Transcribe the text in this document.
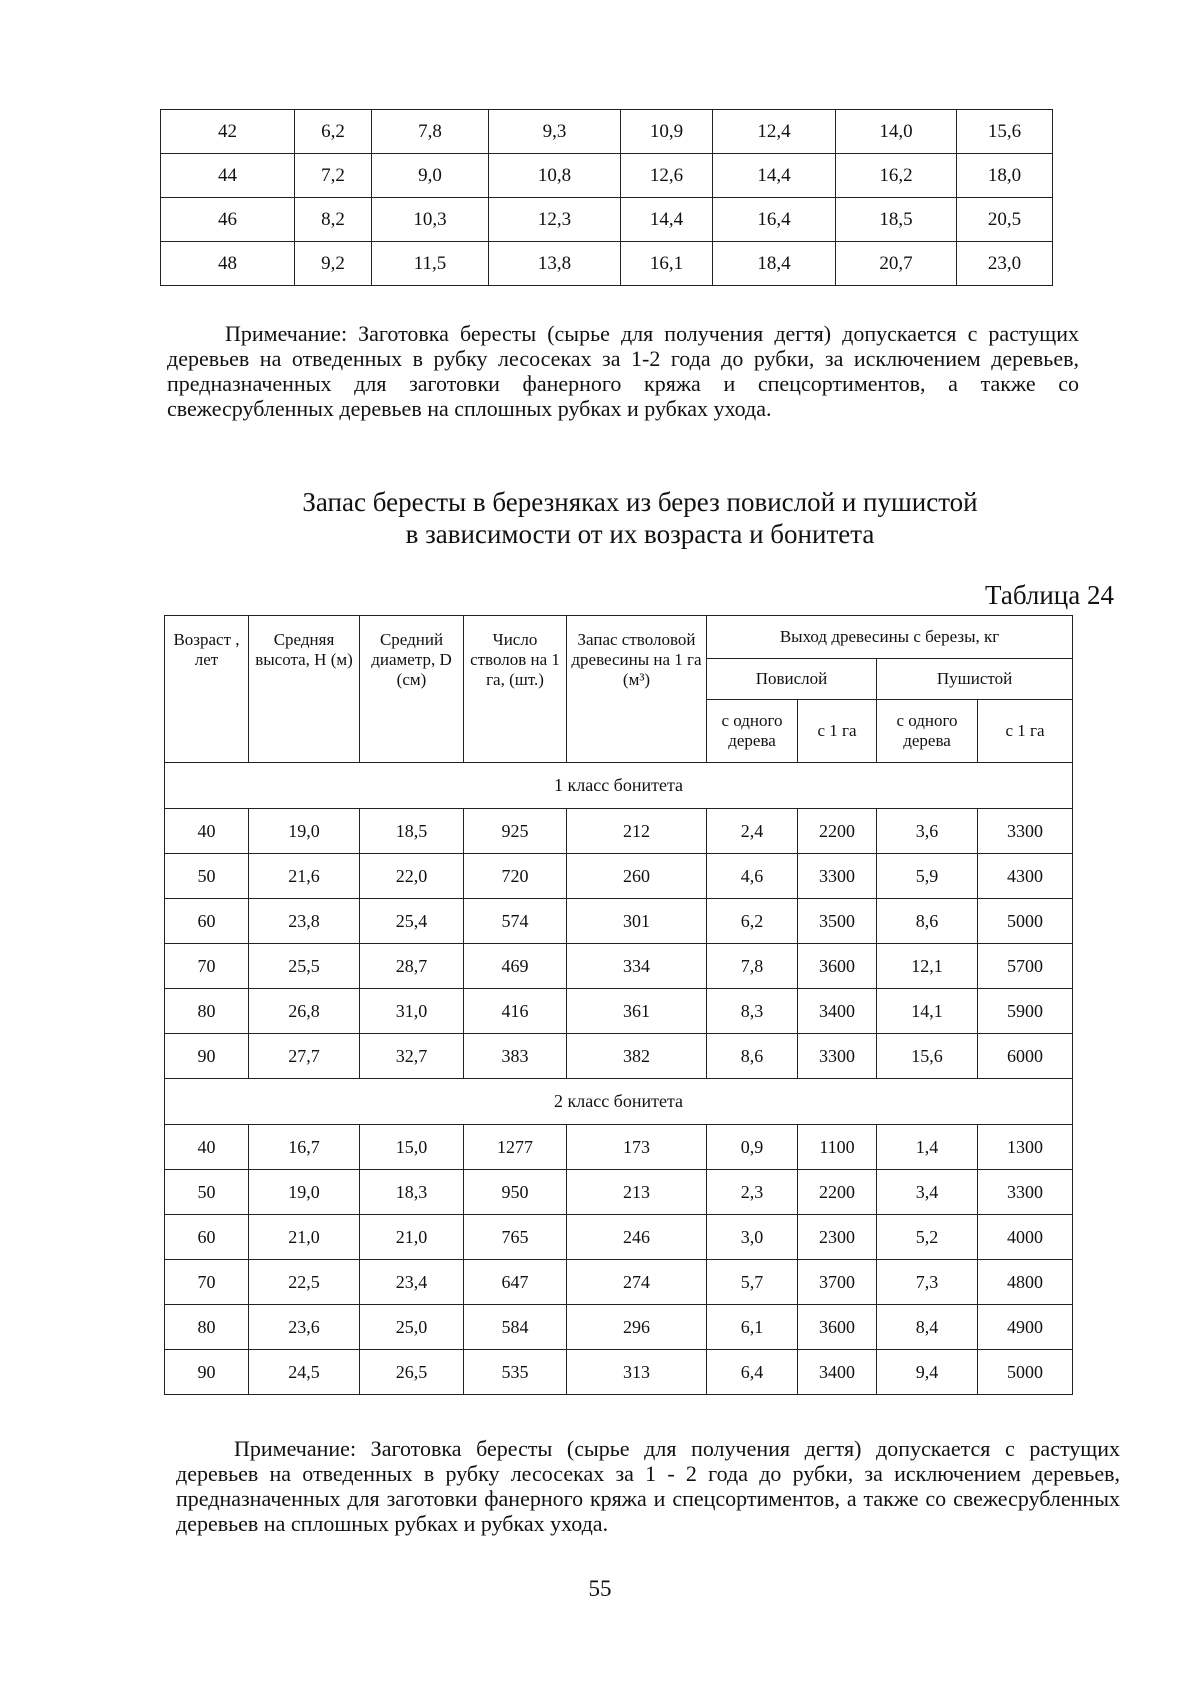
42	6,2	7,8	9,3	10,9	12,4	14,0	15,6
44	7,2	9,0	10,8	12,6	14,4	16,2	18,0
46	8,2	10,3	12,3	14,4	16,4	18,5	20,5
48	9,2	11,5	13,8	16,1	18,4	20,7	23,0

Примечание: Заготовка бересты (сырье для получения дегтя) допускается с растущих деревьев на отведенных в рубку лесосеках за 1-2 года до рубки, за исключением деревьев, предназначенных для заготовки фанерного кряжа и спецсортиментов, а также со свежесрубленных деревьев на сплошных рубках и рубках ухода.

Запас бересты в березняках из берез повислой и пушистой
в зависимости от их возраста и бонитета
Таблица 24
Возраст , лет	Средняя высота, H (м)	Средний диаметр, D (см)	Число стволов на 1 га, (шт.)	Запас стволовой древесины на 1 га (м³)	Выход древесины с березы, кг			
					Повислой		Пушистой	
					с одного дерева	с 1 га	с одного дерева	с 1 га
1 класс бонитета								
40	19,0	18,5	925	212	2,4	2200	3,6	3300
50	21,6	22,0	720	260	4,6	3300	5,9	4300
60	23,8	25,4	574	301	6,2	3500	8,6	5000
70	25,5	28,7	469	334	7,8	3600	12,1	5700
80	26,8	31,0	416	361	8,3	3400	14,1	5900
90	27,7	32,7	383	382	8,6	3300	15,6	6000
2 класс бонитета								
40	16,7	15,0	1277	173	0,9	1100	1,4	1300
50	19,0	18,3	950	213	2,3	2200	3,4	3300
60	21,0	21,0	765	246	3,0	2300	5,2	4000
70	22,5	23,4	647	274	5,7	3700	7,3	4800
80	23,6	25,0	584	296	6,1	3600	8,4	4900
90	24,5	26,5	535	313	6,4	3400	9,4	5000

Примечание: Заготовка бересты (сырье для получения дегтя) допускается с растущих деревьев на отведенных в рубку лесосеках за 1 - 2 года до рубки, за исключением деревьев, предназначенных для заготовки фанерного кряжа и спецсортиментов, а также со свежесрубленных деревьев на сплошных рубках и рубках ухода.

55
